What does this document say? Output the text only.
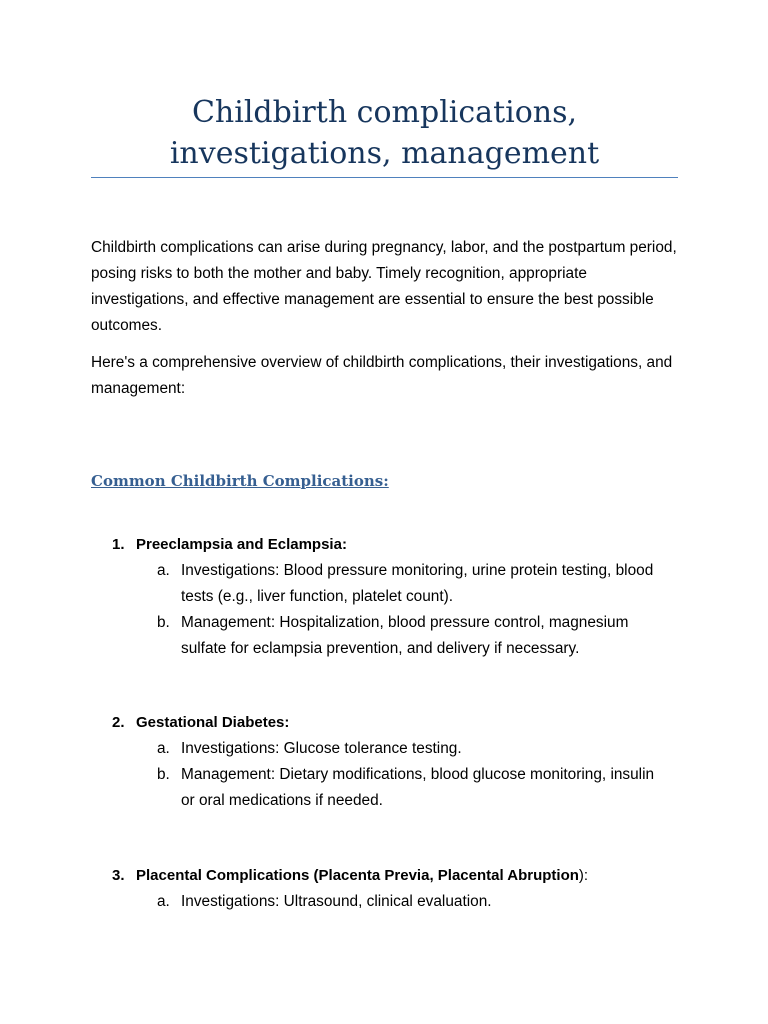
Childbirth complications, investigations, management

Childbirth complications can arise during pregnancy, labor, and the postpartum period, posing risks to both the mother and baby. Timely recognition, appropriate investigations, and effective management are essential to ensure the best possible outcomes.

Here's a comprehensive overview of childbirth complications, their investigations, and management:

Common Childbirth Complications:
1. Preeclampsia and Eclampsia:
a. Investigations: Blood pressure monitoring, urine protein testing, blood tests (e.g., liver function, platelet count).
b. Management: Hospitalization, blood pressure control, magnesium sulfate for eclampsia prevention, and delivery if necessary.
2. Gestational Diabetes:
a. Investigations: Glucose tolerance testing.
b. Management: Dietary modifications, blood glucose monitoring, insulin or oral medications if needed.
3. Placental Complications (Placenta Previa, Placental Abruption):
a. Investigations: Ultrasound, clinical evaluation.
